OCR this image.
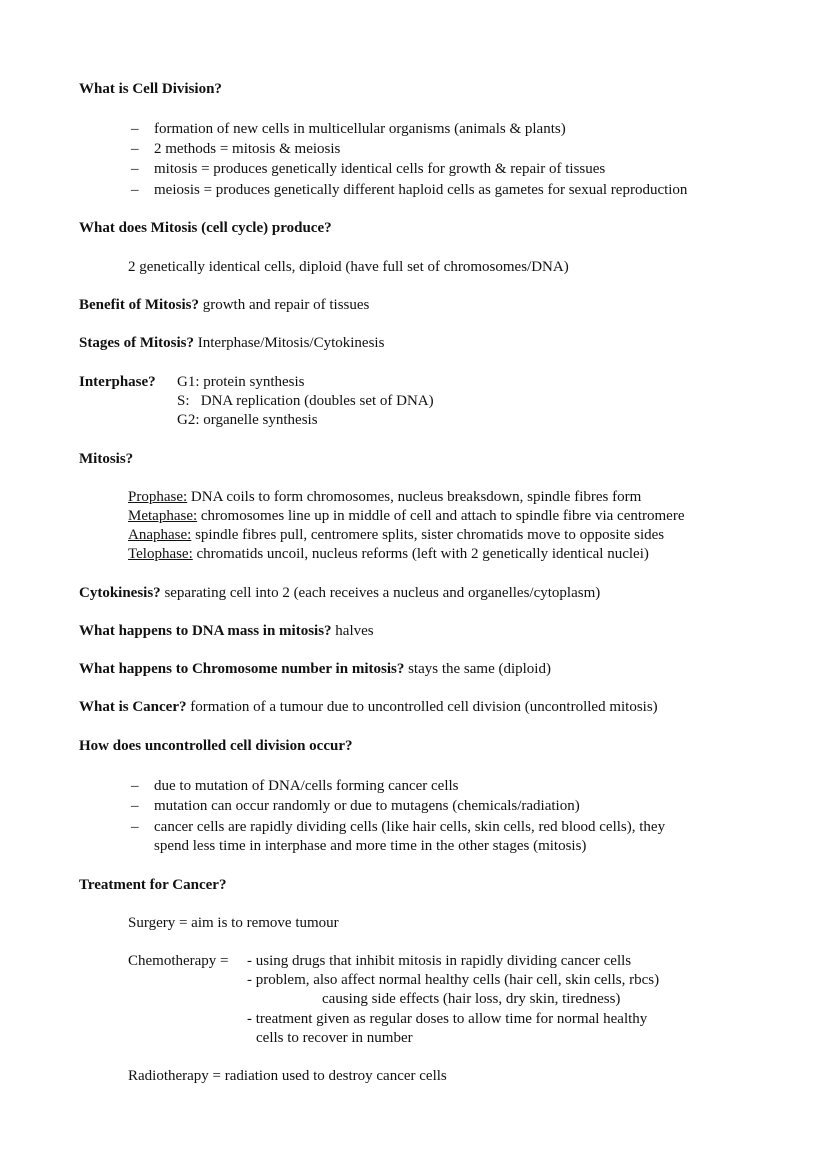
What is Cell Division?
– formation of new cells in multicellular organisms (animals & plants)
– 2 methods = mitosis & meiosis
– mitosis = produces genetically identical cells for growth & repair of tissues
– meiosis = produces genetically different haploid cells as gametes for sexual reproduction
What does Mitosis (cell cycle) produce?
2 genetically identical cells, diploid (have full set of chromosomes/DNA)
Benefit of Mitosis? growth and repair of tissues
Stages of Mitosis? Interphase/Mitosis/Cytokinesis
Interphase? G1: protein synthesis
S:   DNA replication (doubles set of DNA)
G2: organelle synthesis
Mitosis?
Prophase: DNA coils to form chromosomes, nucleus breaksdown, spindle fibres form
Metaphase: chromosomes line up in middle of cell and attach to spindle fibre via centromere
Anaphase: spindle fibres pull, centromere splits, sister chromatids move to opposite sides
Telophase: chromatids uncoil, nucleus reforms (left with 2 genetically identical nuclei)
Cytokinesis? separating cell into 2 (each receives a nucleus and organelles/cytoplasm)
What happens to DNA mass in mitosis? halves
What happens to Chromosome number in mitosis? stays the same (diploid)
What is Cancer? formation of a tumour due to uncontrolled cell division (uncontrolled mitosis)
How does uncontrolled cell division occur?
– due to mutation of DNA/cells forming cancer cells
– mutation can occur randomly or due to mutagens (chemicals/radiation)
– cancer cells are rapidly dividing cells (like hair cells, skin cells, red blood cells), they
spend less time in interphase and more time in the other stages (mitosis)
Treatment for Cancer?
Surgery = aim is to remove tumour
Chemotherapy = - using drugs that inhibit mitosis in rapidly dividing cancer cells
- problem, also affect normal healthy cells (hair cell, skin cells, rbcs)
causing side effects (hair loss, dry skin, tiredness)
- treatment given as regular doses to allow time for normal healthy
cells to recover in number
Radiotherapy = radiation used to destroy cancer cells
